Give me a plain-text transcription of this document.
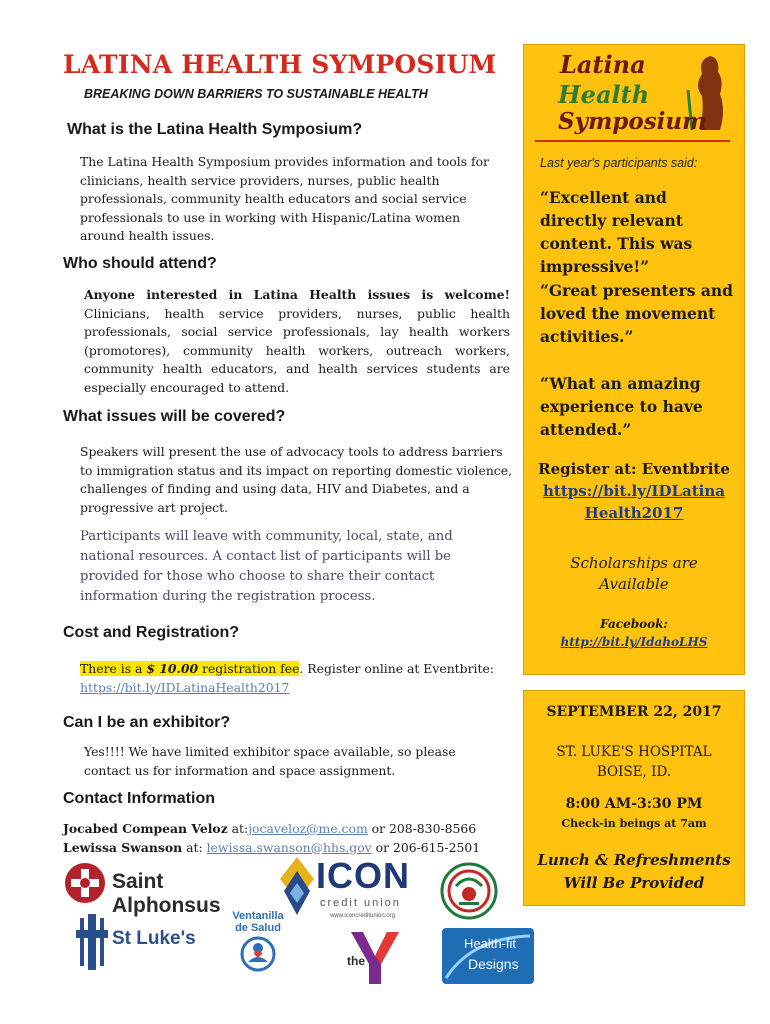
LATINA HEALTH SYMPOSIUM
BREAKING DOWN BARRIERS TO SUSTAINABLE HEALTH
What is the Latina Health Symposium?
The Latina Health Symposium provides information and tools for clinicians, health service providers, nurses, public health professionals, community health educators and social service professionals to use in working with Hispanic/Latina women around health issues.
Who should attend?
Anyone interested in Latina Health issues is welcome! Clinicians, health service providers, nurses, public health professionals, social service professionals, lay health workers (promotores), community health workers, outreach workers, community health educators, and health services students are especially encouraged to attend.
What issues will be covered?
Speakers will present the use of advocacy tools to address barriers to immigration status and its impact on reporting domestic violence, challenges of finding and using data, HIV and Diabetes, and a progressive art project.
Participants will leave with community, local, state, and national resources. A contact list of participants will be provided for those who choose to share their contact information during the registration process.
Cost and Registration?
There is a $ 10.00 registration fee. Register online at Eventbrite:
https://bit.ly/IDLatinaHealth2017
Can I be an exhibitor?
Yes!!!! We have limited exhibitor space available, so please contact us for information and space assignment.
Contact Information
Jocabed Compean Veloz at:jocaveloz@me.com or 208-830-8566
Lewissa Swanson at: lewissa.swanson@hhs.gov or 206-615-2501
Saint Alphonsus
ICON
credit union
www.iconcreditunion.org
St Luke's
Ventanilla de Salud
the
Health-fit
Designs
Latina
Health
Symposium
Last year's participants said:
“Excellent and directly relevant content. This was impressive!”
“Great presenters and loved the movement activities.”
“What an amazing experience to have attended.”
Register at: Eventbrite
https://bit.ly/IDLatina
Health2017
Scholarships are
Available
Facebook:
http://bit.ly/IdahoLHS
SEPTEMBER 22, 2017
ST. LUKE'S HOSPITAL
BOISE, ID.
8:00 AM-3:30 PM
Check-in beings at 7am
Lunch & Refreshments
Will Be Provided
